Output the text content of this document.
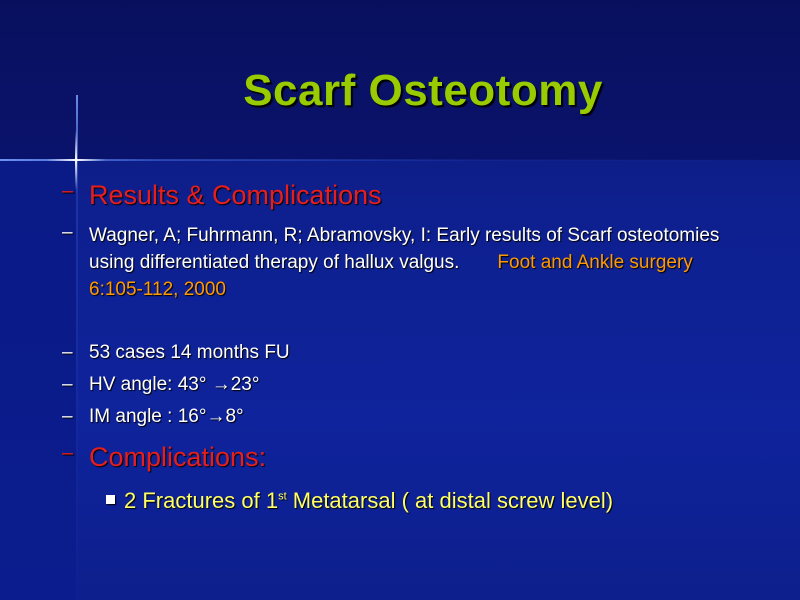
Scarf Osteotomy
– Results & Complications
– Wagner, A; Fuhrmann, R; Abramovsky, I: Early results of Scarf osteotomies using differentiated therapy of hallux valgus. Foot and Ankle surgery 6:105-112, 2000
– 53 cases 14 months FU
– HV angle: 43° →23°
– IM angle : 16°→8°
– Complications:
2 Fractures of 1st Metatarsal ( at distal screw level)
